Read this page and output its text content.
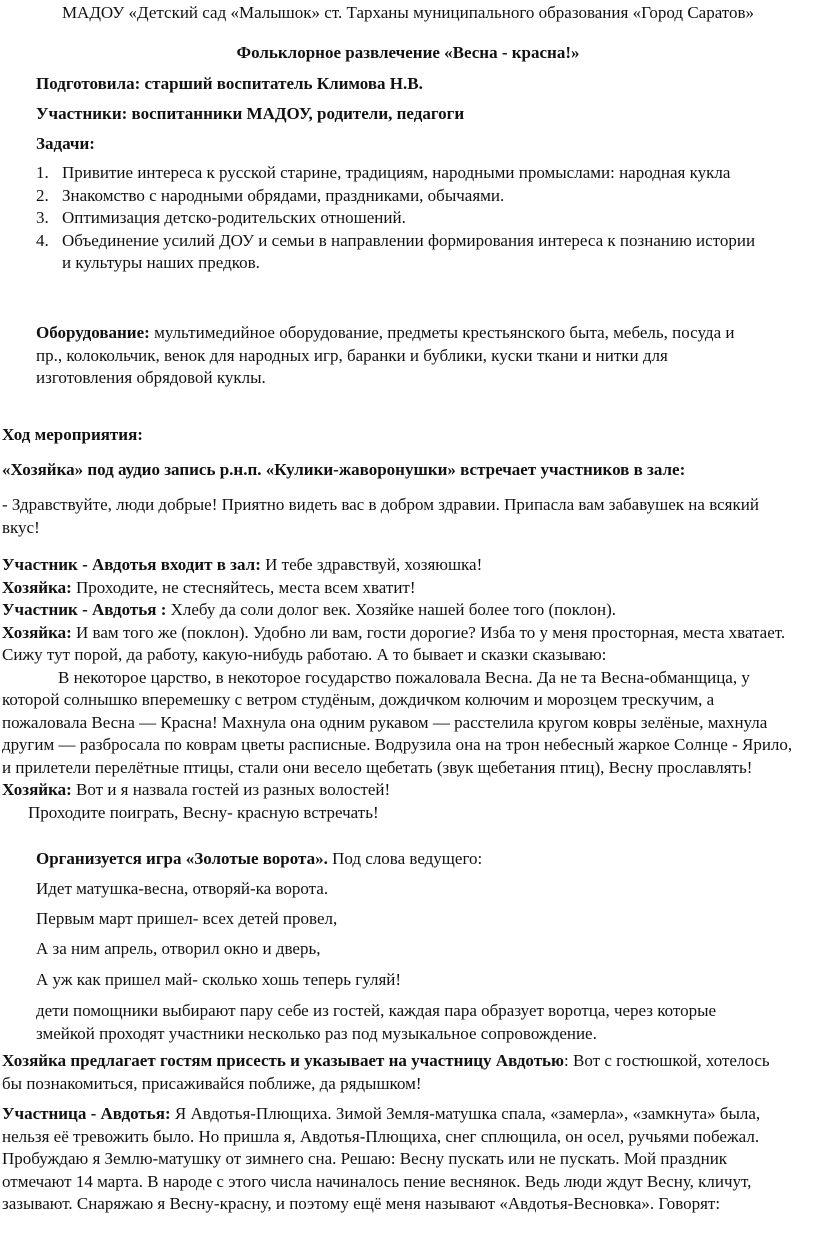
МАДОУ «Детский сад «Малышок» ст. Тарханы муниципального образования «Город Саратов»

Фольклорное развлечение «Весна - красна!»

Подготовила: старший воспитатель Климова Н.В.

Участники: воспитанники МАДОУ, родители, педагоги

Задачи:

1. Привитие интереса к русской старине, традициям, народными промыслами: народная кукла
2. Знакомство с народными обрядами, праздниками, обычаями.
3. Оптимизация детско-родительских отношений.
4. Объединение усилий ДОУ и семьи в направлении формирования интереса к познанию истории и культуры наших предков.

Оборудование: мультимедийное оборудование, предметы крестьянского быта, мебель, посуда и пр., колокольчик, венок для народных игр, баранки и бублики, куски ткани и нитки для изготовления обрядовой куклы.

Ход мероприятия:

«Хозяйка» под аудио запись р.н.п. «Кулики-жаворонушки» встречает участников в зале:

- Здравствуйте, люди добрые! Приятно видеть вас в добром здравии. Припасла вам забавушек на всякий вкус!

Участник - Авдотья входит в зал: И тебе здравствуй, хозяюшка!

Хозяйка: Проходите, не стесняйтесь, места всем хватит!

Участник - Авдотья : Хлебу да соли долог век. Хозяйке нашей более того (поклон).

Хозяйка: И вам того же (поклон). Удобно ли вам, гости дорогие? Изба то у меня просторная, места хватает. Сижу тут порой, да работу, какую-нибудь работаю. А то бывает и сказки сказываю:

В некоторое царство, в некоторое государство пожаловала Весна. Да не та Весна-обманщица, у которой солнышко вперемешку с ветром студёным, дождичком колючим и морозцем трескучим, а пожаловала Весна — Красна! Махнула она одним рукавом — расстелила кругом ковры зелёные, махнула другим — разбросала по коврам цветы расписные. Водрузила она на трон небесный жаркое Солнце - Ярило, и прилетели перелётные птицы, стали они весело щебетать (звук щебетания птиц), Весну прославлять!

Хозяйка: Вот и я назвала гостей из разных волостей!

Проходите поиграть, Весну- красную встречать!

Организуется игра «Золотые ворота». Под слова ведущего:

Идет матушка-весна, отворяй-ка ворота.

Первым март пришел- всех детей провел,

А за ним апрель, отворил окно и дверь,

А уж как пришел май- сколько хошь теперь гуляй!

дети помощники выбирают пару себе из гостей, каждая пара образует воротца, через которые змейкой проходят участники несколько раз под музыкальное сопровождение.

Хозяйка предлагает гостям присесть и указывает на участницу Авдотью: Вот с гостюшкой, хотелось бы познакомиться, присаживайся поближе, да рядышком!

Участница - Авдотья: Я Авдотья-Плющиха. Зимой Земля-матушка спала, «замерла», «замкнута» была, нельзя её тревожить было. Но пришла я, Авдотья-Плющиха, снег сплющила, он осел, ручьями побежал. Пробуждаю я Землю-матушку от зимнего сна. Решаю: Весну пускать или не пускать. Мой праздник отмечают 14 марта. В народе с этого числа начиналось пение веснянок. Ведь люди ждут Весну, кличут, зазывают. Снаряжаю я Весну-красну, и поэтому ещё меня называют «Авдотья-Весновка». Говорят:
